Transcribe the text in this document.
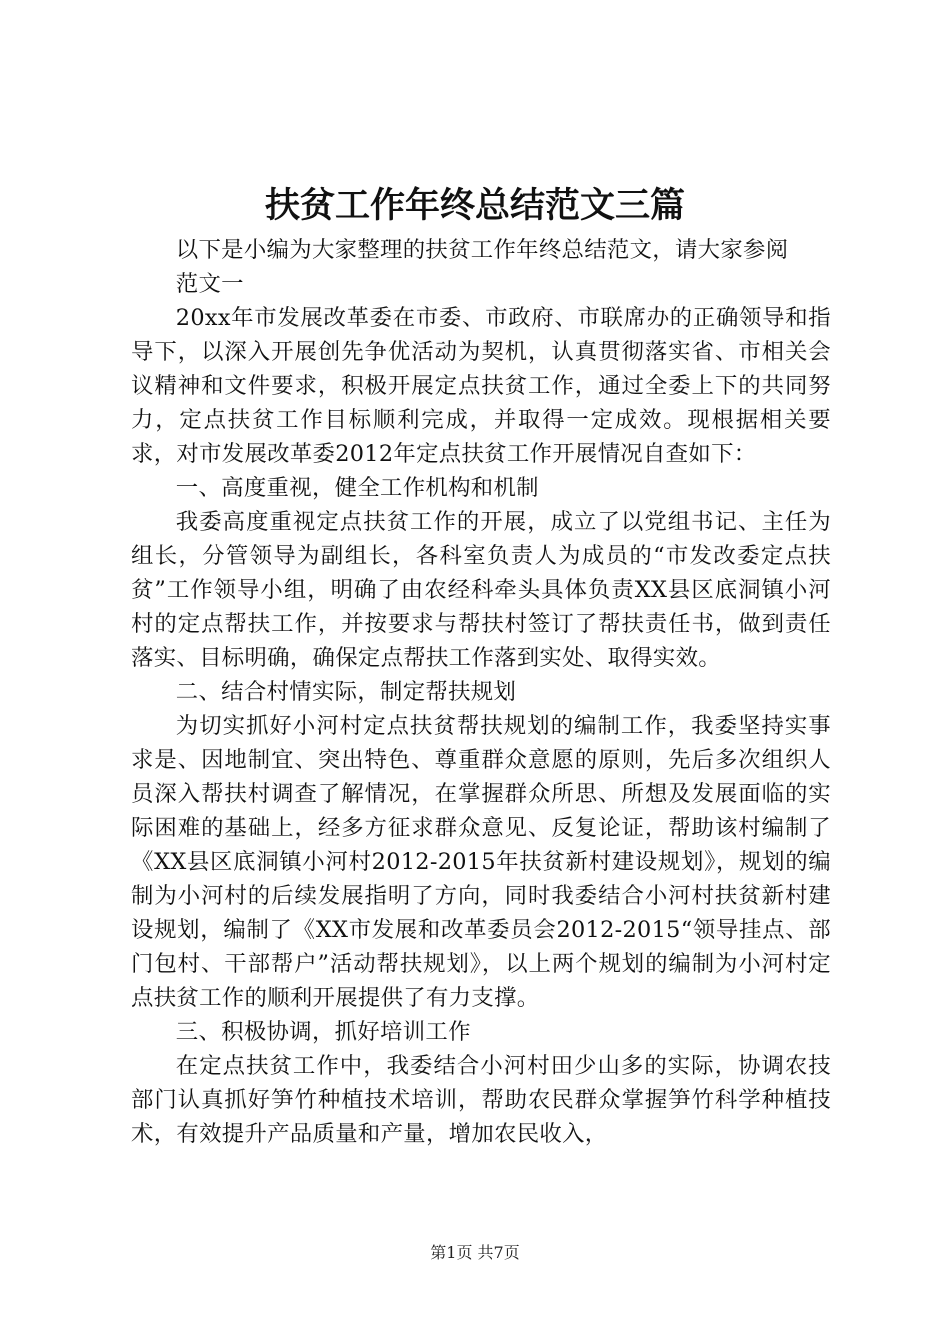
扶贫工作年终总结范文三篇

以下是小编为大家整理的扶贫工作年终总结范文，请大家参阅

范文一

20xx年市发展改革委在市委、市政府、市联席办的正确领导和指导下，以深入开展创先争优活动为契机，认真贯彻落实省、市相关会议精神和文件要求，积极开展定点扶贫工作，通过全委上下的共同努力，定点扶贫工作目标顺利完成，并取得一定成效。现根据相关要求，对市发展改革委2012年定点扶贫工作开展情况自查如下：

一、高度重视，健全工作机构和机制

我委高度重视定点扶贫工作的开展，成立了以党组书记、主任为组长，分管领导为副组长，各科室负责人为成员的“市发改委定点扶贫”工作领导小组，明确了由农经科牵头具体负责XX县区底洞镇小河村的定点帮扶工作，并按要求与帮扶村签订了帮扶责任书，做到责任落实、目标明确，确保定点帮扶工作落到实处、取得实效。

二、结合村情实际，制定帮扶规划

为切实抓好小河村定点扶贫帮扶规划的编制工作，我委坚持实事求是、因地制宜、突出特色、尊重群众意愿的原则，先后多次组织人员深入帮扶村调查了解情况，在掌握群众所思、所想及发展面临的实际困难的基础上，经多方征求群众意见、反复论证，帮助该村编制了《XX县区底洞镇小河村2012-2015年扶贫新村建设规划》，规划的编制为小河村的后续发展指明了方向，同时我委结合小河村扶贫新村建设规划，编制了《XX市发展和改革委员会2012-2015“领导挂点、部门包村、干部帮户”活动帮扶规划》，以上两个规划的编制为小河村定点扶贫工作的顺利开展提供了有力支撑。

三、积极协调，抓好培训工作

在定点扶贫工作中，我委结合小河村田少山多的实际，协调农技部门认真抓好笋竹种植技术培训，帮助农民群众掌握笋竹科学种植技术，有效提升产品质量和产量，增加农民收入，

第1页 共7页
